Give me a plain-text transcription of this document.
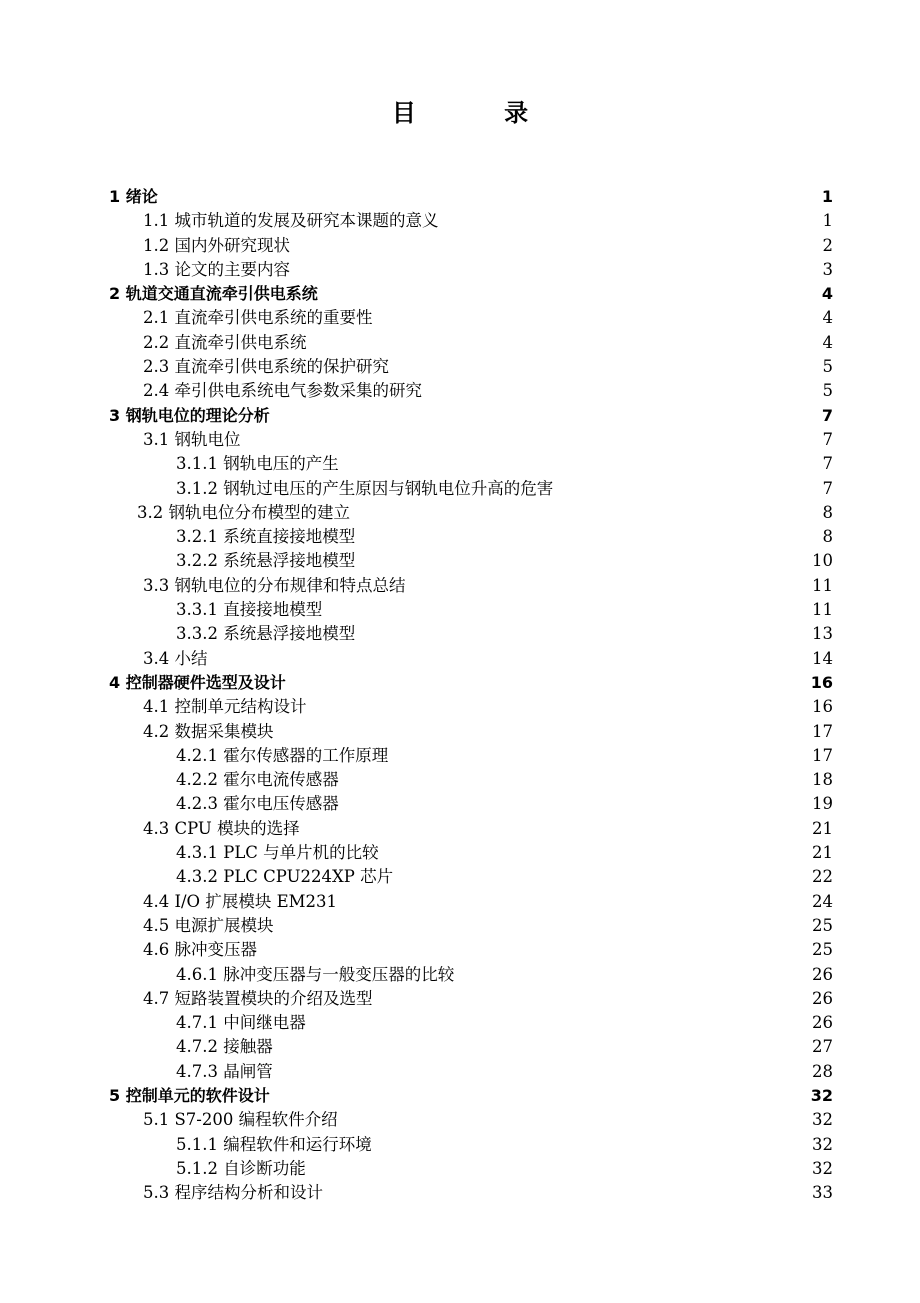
目 录
1 绪论	1
1.1 城市轨道的发展及研究本课题的意义	1
1.2 国内外研究现状	2
1.3 论文的主要内容	3
2 轨道交通直流牵引供电系统	4
2.1 直流牵引供电系统的重要性	4
2.2 直流牵引供电系统	4
2.3 直流牵引供电系统的保护研究	5
2.4 牵引供电系统电气参数采集的研究	5
3 钢轨电位的理论分析	7
3.1 钢轨电位	7
3.1.1 钢轨电压的产生	7
3.1.2 钢轨过电压的产生原因与钢轨电位升高的危害	7
3.2 钢轨电位分布模型的建立	8
3.2.1 系统直接接地模型	8
3.2.2 系统悬浮接地模型	10
3.3 钢轨电位的分布规律和特点总结	11
3.3.1 直接接地模型	11
3.3.2 系统悬浮接地模型	13
3.4 小结	14
4 控制器硬件选型及设计	16
4.1 控制单元结构设计	16
4.2 数据采集模块	17
4.2.1 霍尔传感器的工作原理	17
4.2.2 霍尔电流传感器	18
4.2.3 霍尔电压传感器	19
4.3 CPU 模块的选择	21
4.3.1 PLC 与单片机的比较	21
4.3.2 PLC CPU224XP 芯片	22
4.4 I/O 扩展模块 EM231	24
4.5 电源扩展模块	25
4.6 脉冲变压器	25
4.6.1 脉冲变压器与一般变压器的比较	26
4.7 短路装置模块的介绍及选型	26
4.7.1 中间继电器	26
4.7.2 接触器	27
4.7.3 晶闸管	28
5 控制单元的软件设计	32
5.1 S7-200 编程软件介绍	32
5.1.1 编程软件和运行环境	32
5.1.2 自诊断功能	32
5.3 程序结构分析和设计	33
